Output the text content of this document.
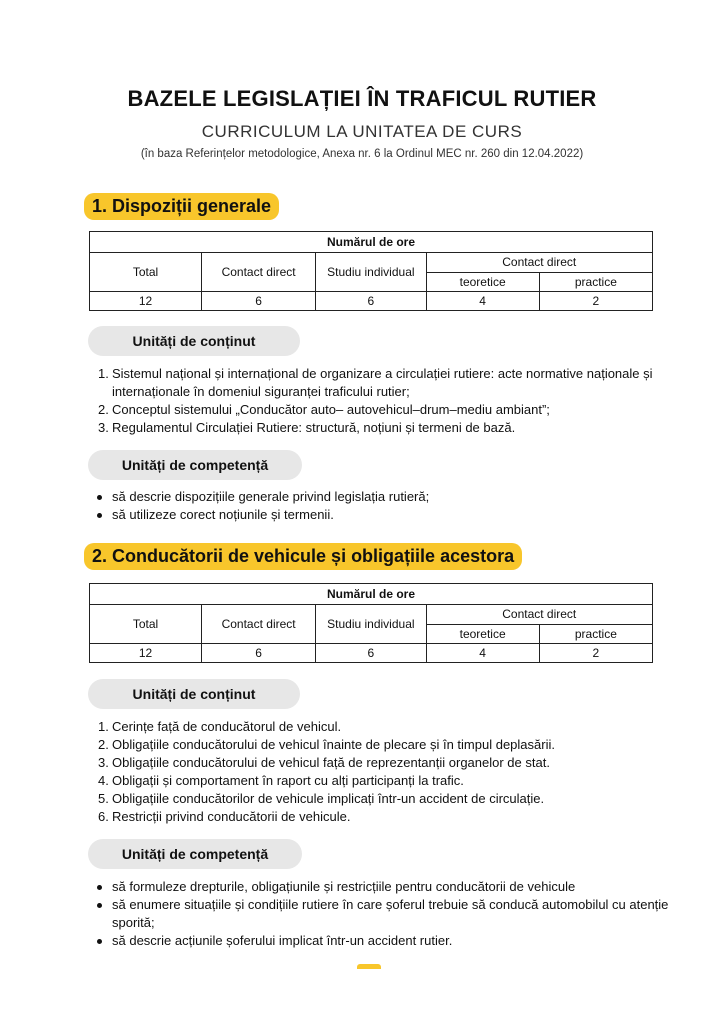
BAZELE LEGISLAȚIEI ÎN TRAFICUL RUTIER
CURRICULUM LA UNITATEA DE CURS
(în baza Referințelor metodologice, Anexa nr. 6 la Ordinul MEC nr. 260 din 12.04.2022)
1. Dispoziții generale
Numărul de ore				
Total	Contact direct	Studiu individual	Contact direct	
			teoretice	practice
12	6	6	4	2
Unități de conținut
1. Sistemul național și internațional de organizare a circulației rutiere: acte normative naționale și internaționale în domeniul siguranței traficului rutier;
2. Conceptul sistemului „Conducător auto– autovehicul–drum–mediu ambiant”;
3. Regulamentul Circulației Rutiere: structură, noțiuni și termeni de bază.
Unități de competență
să descrie dispozițiile generale privind legislația rutieră;
să utilizeze corect noțiunile și termenii.
2. Conducătorii de vehicule și obligațiile acestora
Numărul de ore				
Total	Contact direct	Studiu individual	Contact direct	
			teoretice	practice
12	6	6	4	2
Unități de conținut
1. Cerințe față de conducătorul de vehicul.
2. Obligațiile conducătorului de vehicul înainte de plecare și în timpul deplasării.
3. Obligațiile conducătorului de vehicul față de reprezentanții organelor de stat.
4. Obligații și comportament în raport cu alți participanți la trafic.
5. Obligațiile conducătorilor de vehicule implicați într-un accident de circulație.
6. Restricții privind conducătorii de vehicule.
Unități de competență
să formuleze drepturile, obligațiunile și restricțiile pentru conducătorii de vehicule
să enumere situațiile și condițiile rutiere în care șoferul trebuie să conducă automobilul cu atenție sporită;
să descrie acțiunile șoferului implicat într-un accident rutier.
